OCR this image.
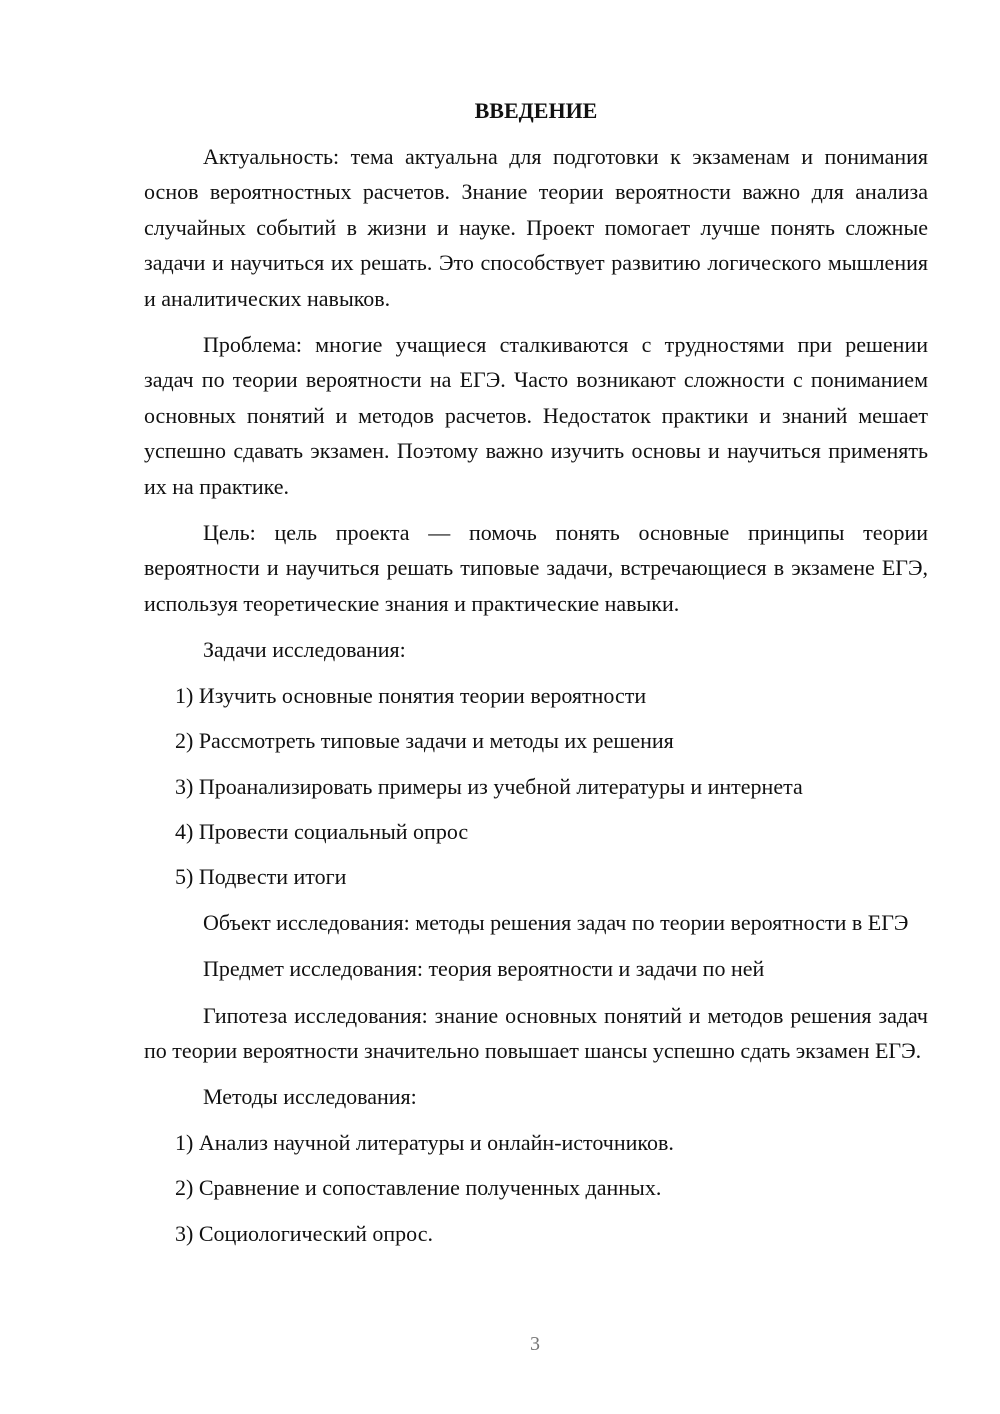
ВВЕДЕНИЕ

Актуальность: тема актуальна для подготовки к экзаменам и понимания основ вероятностных расчетов. Знание теории вероятности важно для анализа случайных событий в жизни и науке. Проект помогает лучше понять сложные задачи и научиться их решать. Это способствует развитию логического мышления и аналитических навыков.

Проблема: многие учащиеся сталкиваются с трудностями при решении задач по теории вероятности на ЕГЭ. Часто возникают сложности с пониманием основных понятий и методов расчетов. Недостаток практики и знаний мешает успешно сдавать экзамен. Поэтому важно изучить основы и научиться применять их на практике.

Цель: цель проекта — помочь понять основные принципы теории вероятности и научиться решать типовые задачи, встречающиеся в экзамене ЕГЭ, используя теоретические знания и практические навыки.

Задачи исследования:

1) Изучить основные понятия теории вероятности

2) Рассмотреть типовые задачи и методы их решения

3) Проанализировать примеры из учебной литературы и интернета

4) Провести социальный опрос

5) Подвести итоги

Объект исследования: методы решения задач по теории вероятности в ЕГЭ

Предмет исследования: теория вероятности и задачи по ней

Гипотеза исследования: знание основных понятий и методов решения задач по теории вероятности значительно повышает шансы успешно сдать экзамен ЕГЭ.

Методы исследования:

1) Анализ научной литературы и онлайн-источников.

2) Сравнение и сопоставление полученных данных.

3) Социологический опрос.

3
